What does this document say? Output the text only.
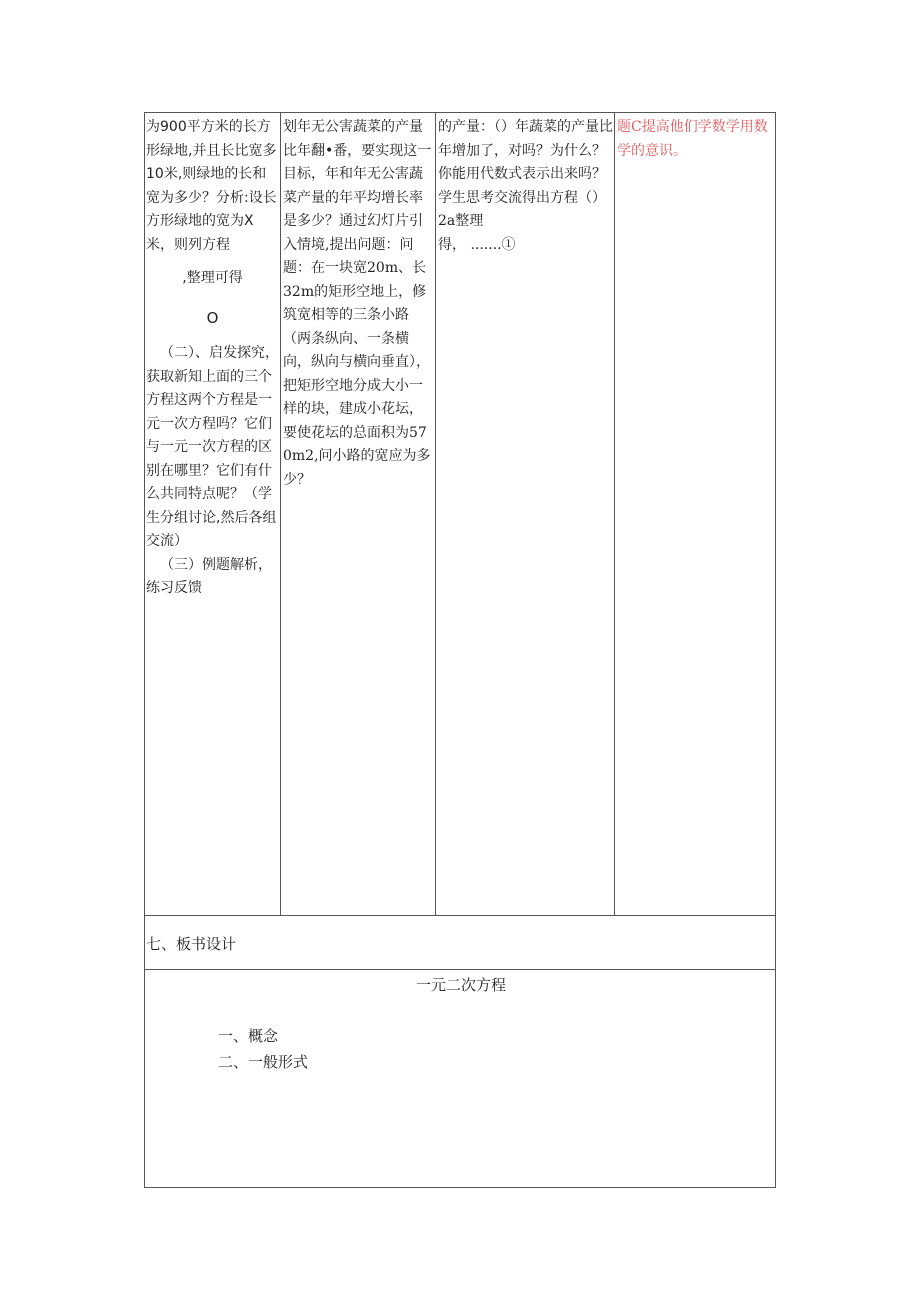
为900平方米的长方形绿地,并且长比宽多10米,则绿地的长和宽为多少？分析:设长方形绿地的宽为X米，则列方程

,整理可得

O

（二）、启发探究，获取新知上面的三个方程这两个方程是一元一次方程吗？它们与一元一次方程的区别在哪里？它们有什么共同特点呢？（学生分组讨论,然后各组交流）

（三）例题解析，练习反馈

划年无公害蔬菜的产量比年翻•番，要实现这一目标，年和年无公害蔬菜产量的年平均增长率是多少？通过幻灯片引入情境,提出问题：问题：在一块宽20m、长32m的矩形空地上，修筑宽相等的三条小路（两条纵向、一条横向，纵向与横向垂直），把矩形空地分成大小一样的块，建成小花坛，要使花坛的总面积为570m2,问小路的宽应为多少？

的产量：（）年蔬菜的产量比年增加了，对吗？为什么？你能用代数式表示出来吗？学生思考交流得出方程（）2a整理

得， .......①

题C提高他们学数学用数学的意识。

七、板书设计
一元二次方程
一、概念
二、一般形式
